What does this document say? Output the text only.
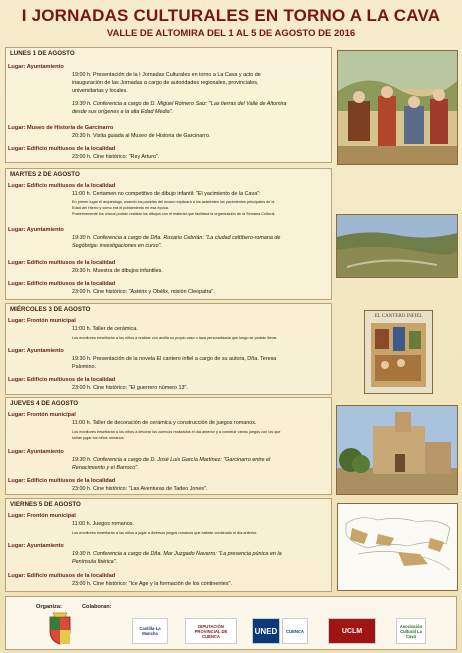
I JORNADAS CULTURALES EN TORNO A LA CAVA
VALLE DE ALTOMIRA DEL 1 AL 5 DE AGOSTO DE 2016
LUNES 1 DE AGOSTO
MARTES 2 DE AGOSTO
MIÉRCOLES 3 DE AGOSTO
JUEVES 4 DE AGOSTO
VIERNES 5 DE AGOSTO
Lugar: Ayuntamiento
19:00 h. Presentación de la I Jornadas Culturales en torno a La Cava y acto de
inauguración de las Jornadas a cargo de autoridades regionales, provinciales,
universitarias y locales.
19:30 h. Conferencia a cargo de D. Miguel Romero Saiz: "Las tierras del Valle de Altomira
desde sus orígenes a la alta Edad Media".
Lugar: Museo de Historia de Garcinarro
20:30 h. Visita guiada al Museo de Historia de Garcinarro.
Lugar: Edificio multiusos de la localidad
23:00 h. Cine histórico: "Rey Arturo".
Lugar: Edificio multiusos de la localidad
11:00 h. Certamen no competitivo de dibujo infantil: "El yacimiento de la Cava":
En primer lugar el arqueólogo, usando los paneles del museo explicará a los asistentes los yacimientos principales de la
Edad del Hierro y cómo era el poblamiento en esa época.
Posteriormente los chicos podrán realizar los dibujos con el material que facilitará la organización de la Semana Cultural.
Lugar: Ayuntamiento
19:30 h. Conferencia a cargo de Dña. Rosario Cebrián: "La ciudad celtíbero-romana de
Segóbriga: investigaciones en curso".
Lugar: Edificio multiusos de la localidad
20:30 h. Muestra de dibujos infantiles.
Lugar: Edificio multiusos de la localidad
23:00 h. Cine histórico: "Astérix y Obélix, misión Cleopatra".
Lugar: Frontón municipal
11:00 h. Taller de cerámica.
Los monitores enseñarán a los niños a realizar con arcilla su propio vaso o taza personalizada que luego se podrán llevar.
Lugar: Ayuntamiento
19:30 h. Presentación de la novela El cantero infiel a cargo de su autora, Dña. Teresa
Palomino.
Lugar: Edificio multiusos de la localidad
23:00 h. Cine histórico: "El guerrero número 13".
Lugar: Frontón municipal
11:00 h. Taller de decoración de cerámica y construcción de juegos romanos.
Los monitores enseñarán a los niños a decorar los cuencos realizados el día anterior y a construir varios juegos con los que
solían jugar los niños romanos.
Lugar: Ayuntamiento
19:30 h. Conferencia a cargo de D. José Luis García Martínez: "Garcinarro entre el
Renacimiento y el Barroco".
Lugar: Edificio multiusos de la localidad
23:00 h. Cine histórico: "Las Aventuras de Tadeo Jones".
Lugar: Frontón municipal
11:00 h. Juegos romanos.
Los monitores enseñarán a los niños a jugar a diversos juegos romanos que habrán construido el día anterior.
Lugar: Ayuntamiento
19:30 h. Conferencia a cargo de Dña. Mar Juzgado Navarro: "La presencia púnica en la
Península Ibérica".
Lugar: Edificio multiusos de la localidad
23:00 h. Cine histórico: "Ice Age y la formación de los continentes".
EL CANTERO INFIEL
Organiza:	Colaboran:
Castilla-La Mancha
DIPUTACIÓN PROVINCIAL DE CUENCA
UNED CUENCA	UCLM
Asociación Cultural La Cava
